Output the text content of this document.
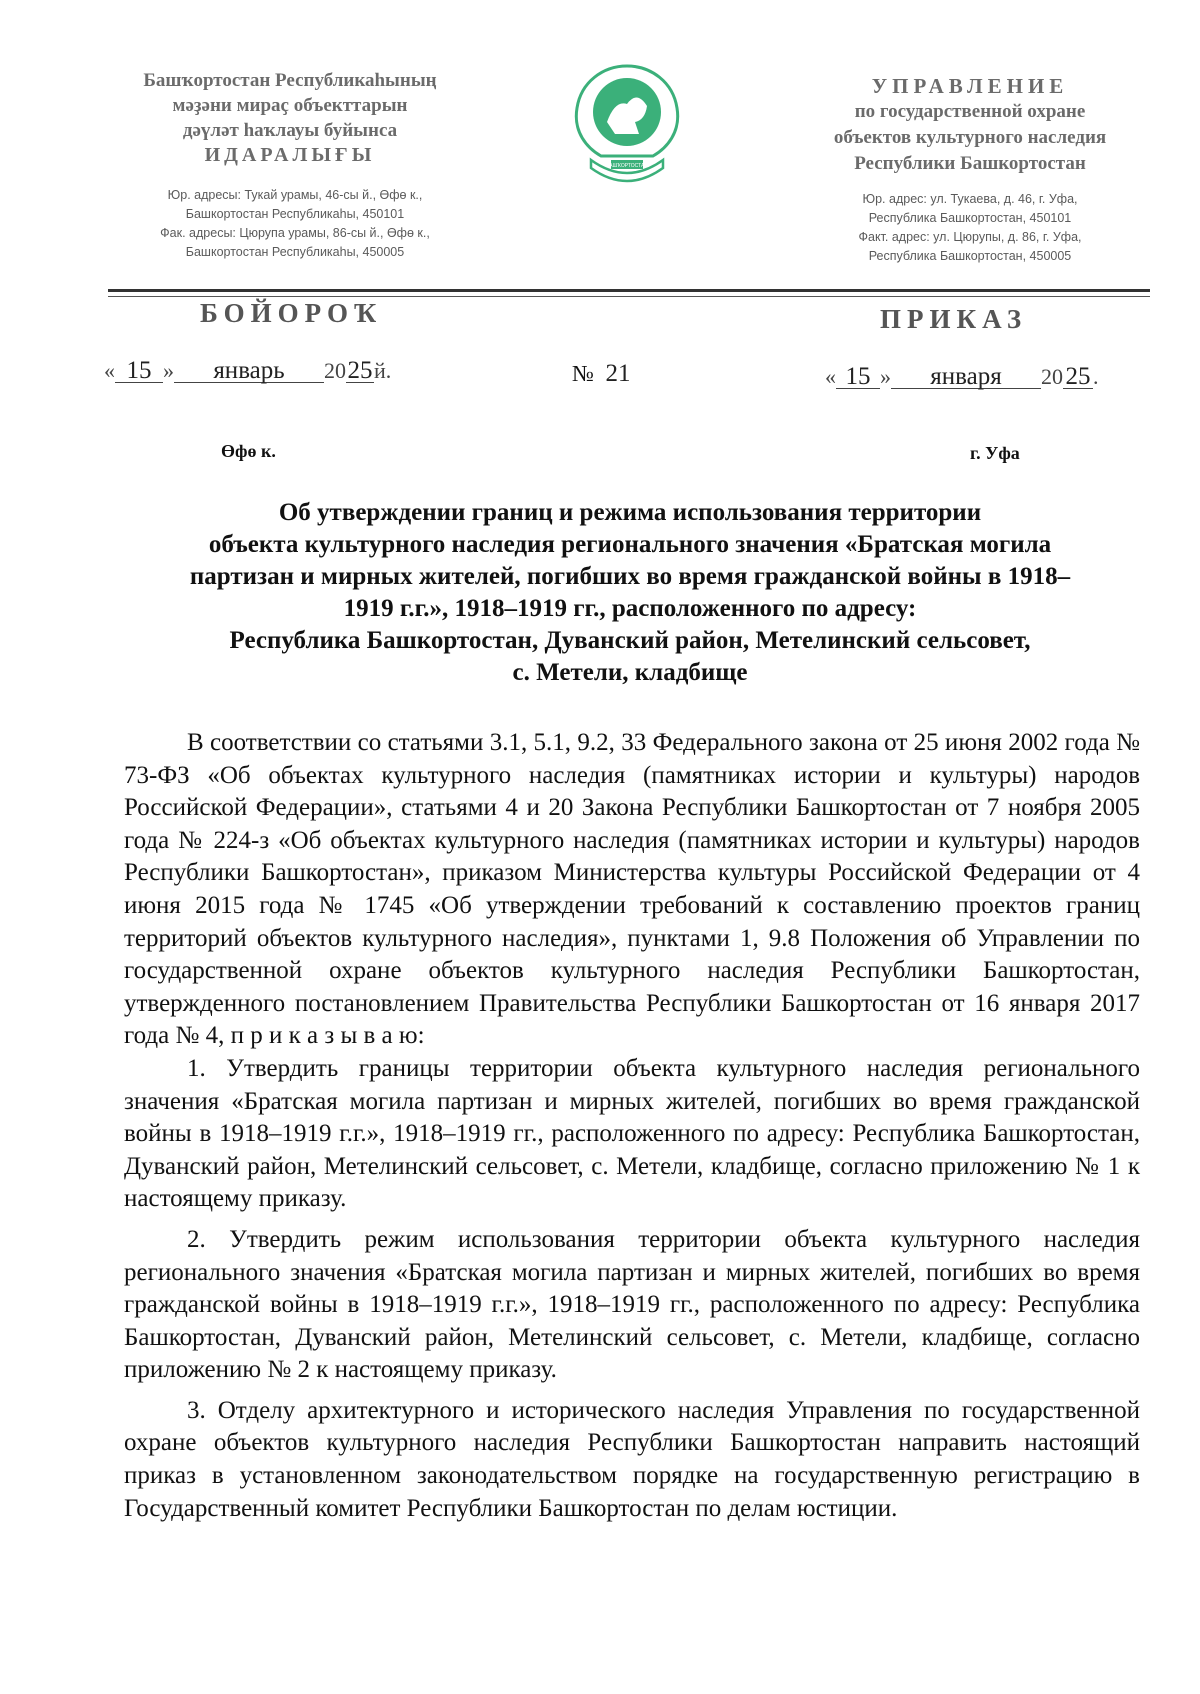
Башҡортостан Республикаһының
мәҙәни мираҫ объекттарын
дәүләт һаҡлауы буйынса
ИДАРАЛЫҒЫ
Юр. адресы: Тукай урамы, 46-сы й., Өфө к.,
Башкортостан Республикаһы, 450101
Фак. адресы: Цюрупа урамы, 86-сы й., Өфө к.,
Башкортостан Республикаһы, 450005
БАШҠОРТОСТАН
УПРАВЛЕНИЕ
по государственной охране
объектов культурного наследия
Республики Башкортостан
Юр. адрес: ул. Тукаева, д. 46, г. Уфа,
Республика Башкортостан, 450101
Факт. адрес: ул. Цюрупы, д. 86, г. Уфа,
Республика Башкортостан, 450005
БОЙОРОҠ	ПРИКАЗ
« 15 » январь 2025й.	№ 21	« 15 » января 20 25 .
Өфө к.	г. Уфа
Об утверждении границ и режима использования территории
объекта культурного наследия регионального значения «Братская могила
партизан и мирных жителей, погибших во время гражданской войны в 1918–
1919 г.г.», 1918–1919 гг., расположенного по адресу:
Республика Башкортостан, Дуванский район, Метелинский сельсовет,
с. Метели, кладбище

В соответствии со статьями 3.1, 5.1, 9.2, 33 Федерального закона от 25 июня 2002 года № 73-ФЗ «Об объектах культурного наследия (памятниках истории и культуры) народов Российской Федерации», статьями 4 и 20 Закона Республики Башкортостан от 7 ноября 2005 года № 224-з «Об объектах культурного наследия (памятниках истории и культуры) народов Республики Башкортостан», приказом Министерства культуры Российской Федерации от 4 июня 2015 года № 1745 «Об утверждении требований к составлению проектов границ территорий объектов культурного наследия», пунктами 1, 9.8 Положения об Управлении по государственной охране объектов культурного наследия Республики Башкортостан, утвержденного постановлением Правительства Республики Башкортостан от 16 января 2017 года № 4, п р и к а з ы в а ю:

1. Утвердить границы территории объекта культурного наследия регионального значения «Братская могила партизан и мирных жителей, погибших во время гражданской войны в 1918–1919 г.г.», 1918–1919 гг., расположенного по адресу: Республика Башкортостан, Дуванский район, Метелинский сельсовет, с. Метели, кладбище, согласно приложению № 1 к настоящему приказу.

2. Утвердить режим использования территории объекта культурного наследия регионального значения «Братская могила партизан и мирных жителей, погибших во время гражданской войны в 1918–1919 г.г.», 1918–1919 гг., расположенного по адресу: Республика Башкортостан, Дуванский район, Метелинский сельсовет, с. Метели, кладбище, согласно приложению № 2 к настоящему приказу.

3. Отделу архитектурного и исторического наследия Управления по государственной охране объектов культурного наследия Республики Башкортостан направить настоящий приказ в установленном законодательством порядке на государственную регистрацию в Государственный комитет Республики Башкортостан по делам юстиции.
